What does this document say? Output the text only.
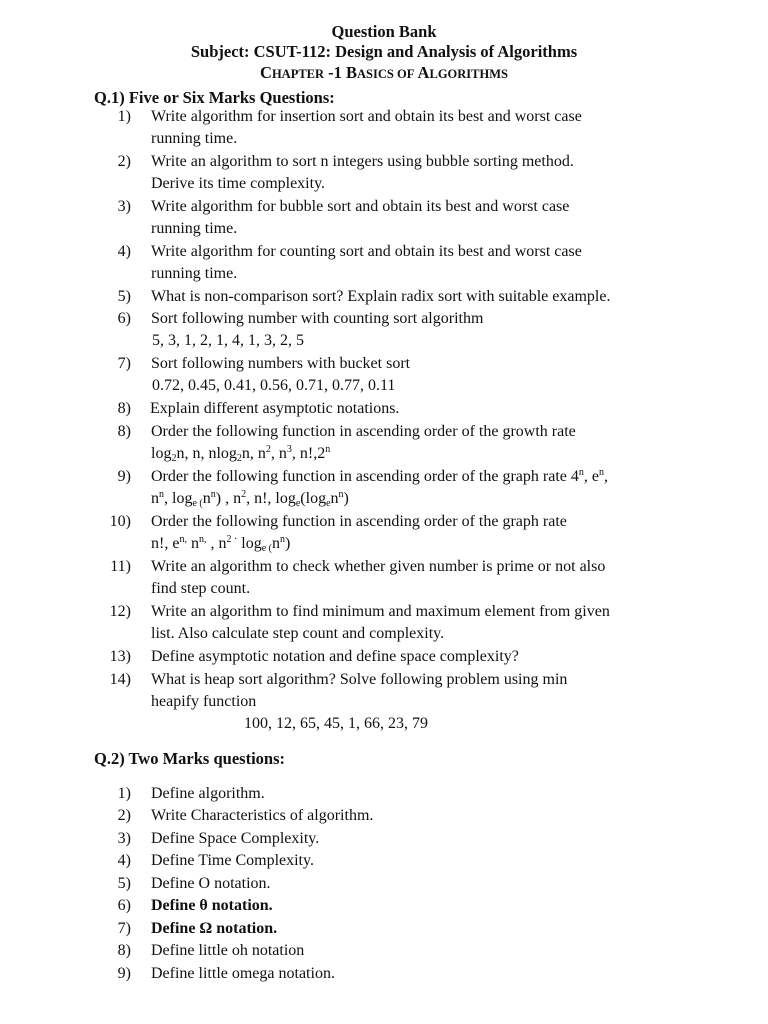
Question Bank
Subject: CSUT-112: Design and Analysis of Algorithms
CHAPTER -1 BASICS OF ALGORITHMS
Q.1) Five or Six Marks Questions:
1) Write algorithm for insertion sort and obtain its best and worst case
running time.
2) Write an algorithm to sort n integers using bubble sorting method.
Derive its time complexity.
3) Write algorithm for bubble sort and obtain its best and worst case
running time.
4) Write algorithm for counting sort and obtain its best and worst case
running time.
5) What is non-comparison sort? Explain radix sort with suitable example.
6) Sort following number with counting sort algorithm
5, 3, 1, 2, 1, 4, 1, 3, 2, 5
7) Sort following numbers with bucket sort
0.72, 0.45, 0.41, 0.56, 0.71, 0.77, 0.11
8) Explain different asymptotic notations.
8) Order the following function in ascending order of the growth rate
$\log_2n$, n, nlog$_2$n, $n^2$, $n^3$, n!,2$^n$
9) Order the following function in ascending order of the graph rate 4$^n$, $e^n$,
$n^n$, $\log_{e (}n^n$) , $n^2$, n!, $\log_e(\log_en^n)$
10) Order the following function in ascending order of the graph rate
n!, $e^{n,}$ $n^{n,}$ , $n^{2 \cdot}$ $\log_{e (}n^n$)
11) Write an algorithm to check whether given number is prime or not also
find step count.
12) Write an algorithm to find minimum and maximum element from given
list. Also calculate step count and complexity.
13) Define asymptotic notation and define space complexity?
14) What is heap sort algorithm? Solve following problem using min
heapify function
100, 12, 65, 45, 1, 66, 23, 79
Q.2) Two Marks questions:
1) Define algorithm.
2) Write Characteristics of algorithm.
3) Define Space Complexity.
4) Define Time Complexity.
5) Define O notation.
6) Define θ notation.
7) Define Ω notation.
8) Define little oh notation
9) Define little omega notation.
